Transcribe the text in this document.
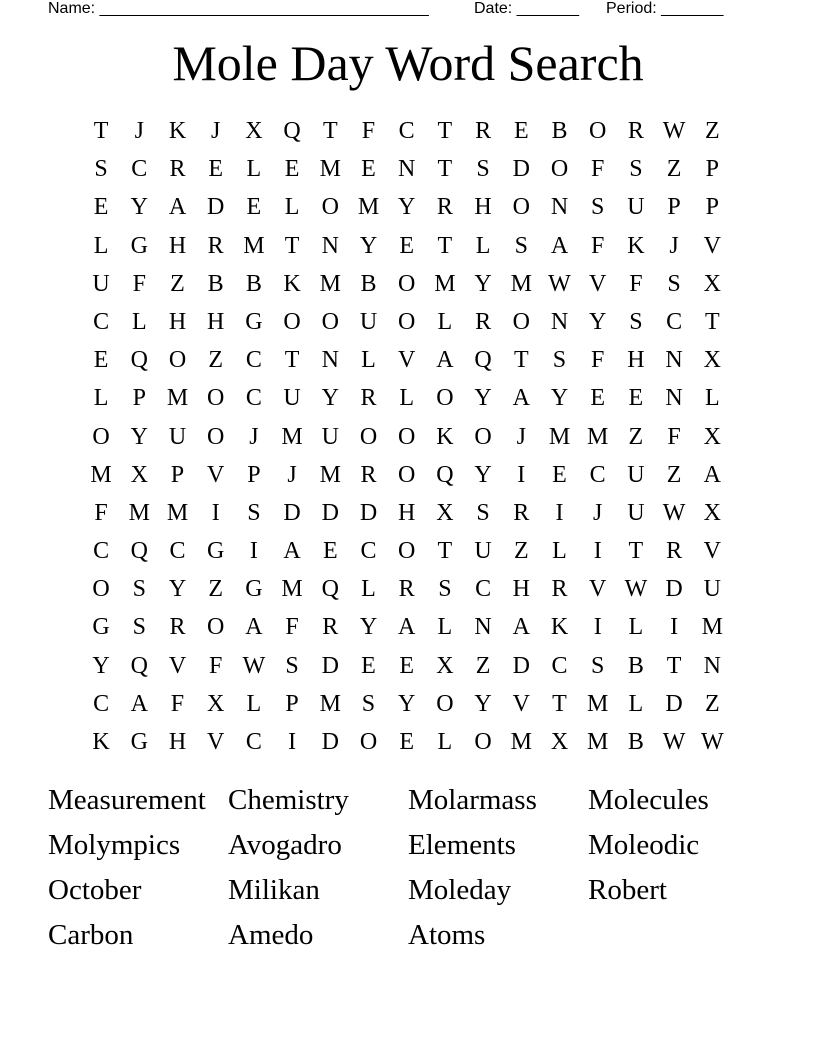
Name: _____________________________________	Date: _______ Period: _______
Mole Day Word Search
T	J	K	J	X Q T	F C T R E B O R W Z
S C R E L E M E N T	S D O F	S	Z	P
E Y A D E L O M Y R H O N S U P	P
L G H R M T N Y E T L	S A F K	J	V
U F	Z B B K M B O M Y M W V F	S X
C L H H G O O U O L R O N Y S C T
E Q O Z C T N L V A Q T	S	F H N X
L	P M O C U Y R L O Y A Y E E N L
O Y U O	J M U O O K O	J M M Z	F X
M X P V P	J M R O Q Y	I	E C U Z A
F M M I	S D D D H X S R	I	J	U W X
C Q C G	I	A E C O T U Z L	I	T R V
O S Y Z G M Q L R S C H R V W D U
G S R O A F R Y A L N A K	I	L	I M
Y Q V F W S D E E X Z D C S B T N
C A F X L	P M S Y O Y V T M L D Z
K G H V C	I	D O E L O M X M B W W
Measurement Chemistry	Molarmass	Molecules
Molympics	Avogadro	Elements	Moleodic
October	Milikan	Moleday	Robert
Carbon	Amedo	Atoms
